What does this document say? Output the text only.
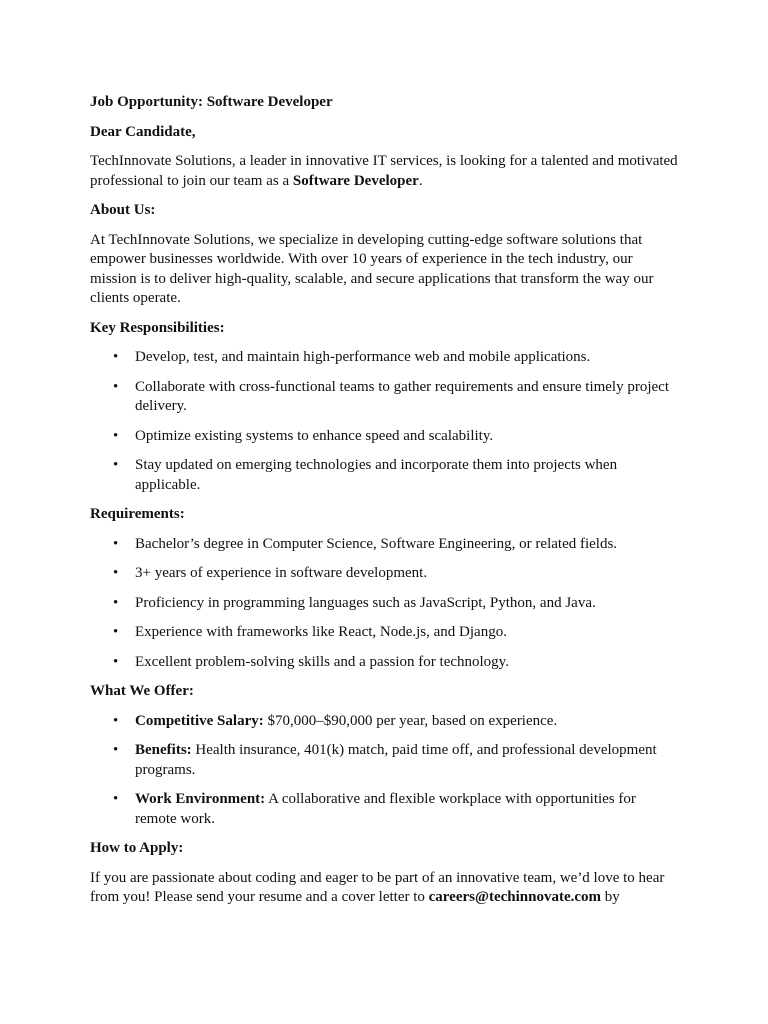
Job Opportunity: Software Developer

Dear Candidate,

TechInnovate Solutions, a leader in innovative IT services, is looking for a talented and motivated professional to join our team as a Software Developer.

About Us:

At TechInnovate Solutions, we specialize in developing cutting-edge software solutions that empower businesses worldwide. With over 10 years of experience in the tech industry, our mission is to deliver high-quality, scalable, and secure applications that transform the way our clients operate.

Key Responsibilities:

• Develop, test, and maintain high-performance web and mobile applications.
• Collaborate with cross-functional teams to gather requirements and ensure timely project delivery.
• Optimize existing systems to enhance speed and scalability.
• Stay updated on emerging technologies and incorporate them into projects when applicable.

Requirements:

• Bachelor’s degree in Computer Science, Software Engineering, or related fields.
• 3+ years of experience in software development.
• Proficiency in programming languages such as JavaScript, Python, and Java.
• Experience with frameworks like React, Node.js, and Django.
• Excellent problem-solving skills and a passion for technology.

What We Offer:

• Competitive Salary: $70,000–$90,000 per year, based on experience.
• Benefits: Health insurance, 401(k) match, paid time off, and professional development programs.
• Work Environment: A collaborative and flexible workplace with opportunities for remote work.

How to Apply:

If you are passionate about coding and eager to be part of an innovative team, we’d love to hear from you! Please send your resume and a cover letter to careers@techinnovate.com by
